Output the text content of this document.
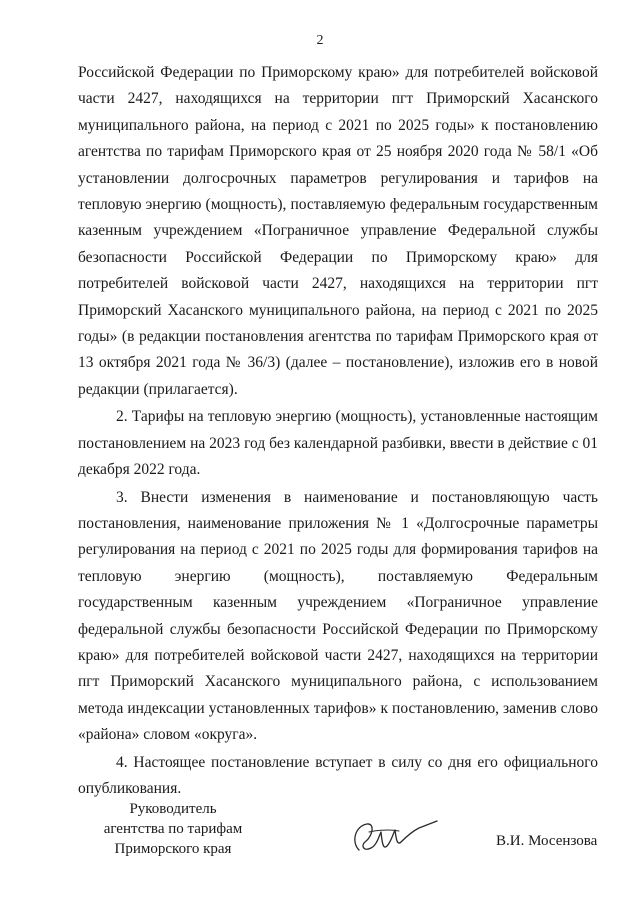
2

Российской Федерации по Приморскому краю» для потребителей войсковой части 2427, находящихся на территории пгт Приморский Хасанского муниципального района, на период с 2021 по 2025 годы» к постановлению агентства по тарифам Приморского края от 25 ноября 2020 года № 58/1 «Об установлении долгосрочных параметров регулирования и тарифов на тепловую энергию (мощность), поставляемую федеральным государственным казенным учреждением «Пограничное управление Федеральной службы безопасности Российской Федерации по Приморскому краю» для потребителей войсковой части 2427, находящихся на территории пгт Приморский Хасанского муниципального района, на период с 2021 по 2025 годы» (в редакции постановления агентства по тарифам Приморского края от 13 октября 2021 года № 36/3) (далее – постановление), изложив его в новой редакции (прилагается).

2. Тарифы на тепловую энергию (мощность), установленные настоящим постановлением на 2023 год без календарной разбивки, ввести в действие с 01 декабря 2022 года.

3. Внести изменения в наименование и постановляющую часть постановления, наименование приложения № 1 «Долгосрочные параметры регулирования на период с 2021 по 2025 годы для формирования тарифов на тепловую энергию (мощность), поставляемую Федеральным государственным казенным учреждением «Пограничное управление федеральной службы безопасности Российской Федерации по Приморскому краю» для потребителей войсковой части 2427, находящихся на территории пгт Приморский Хасанского муниципального района, с использованием метода индексации установленных тарифов» к постановлению, заменив слово «района» словом «округа».

4. Настоящее постановление вступает в силу со дня его официального опубликования.

Руководитель
агентства по тарифам
Приморского края	В.И. Мосензова
